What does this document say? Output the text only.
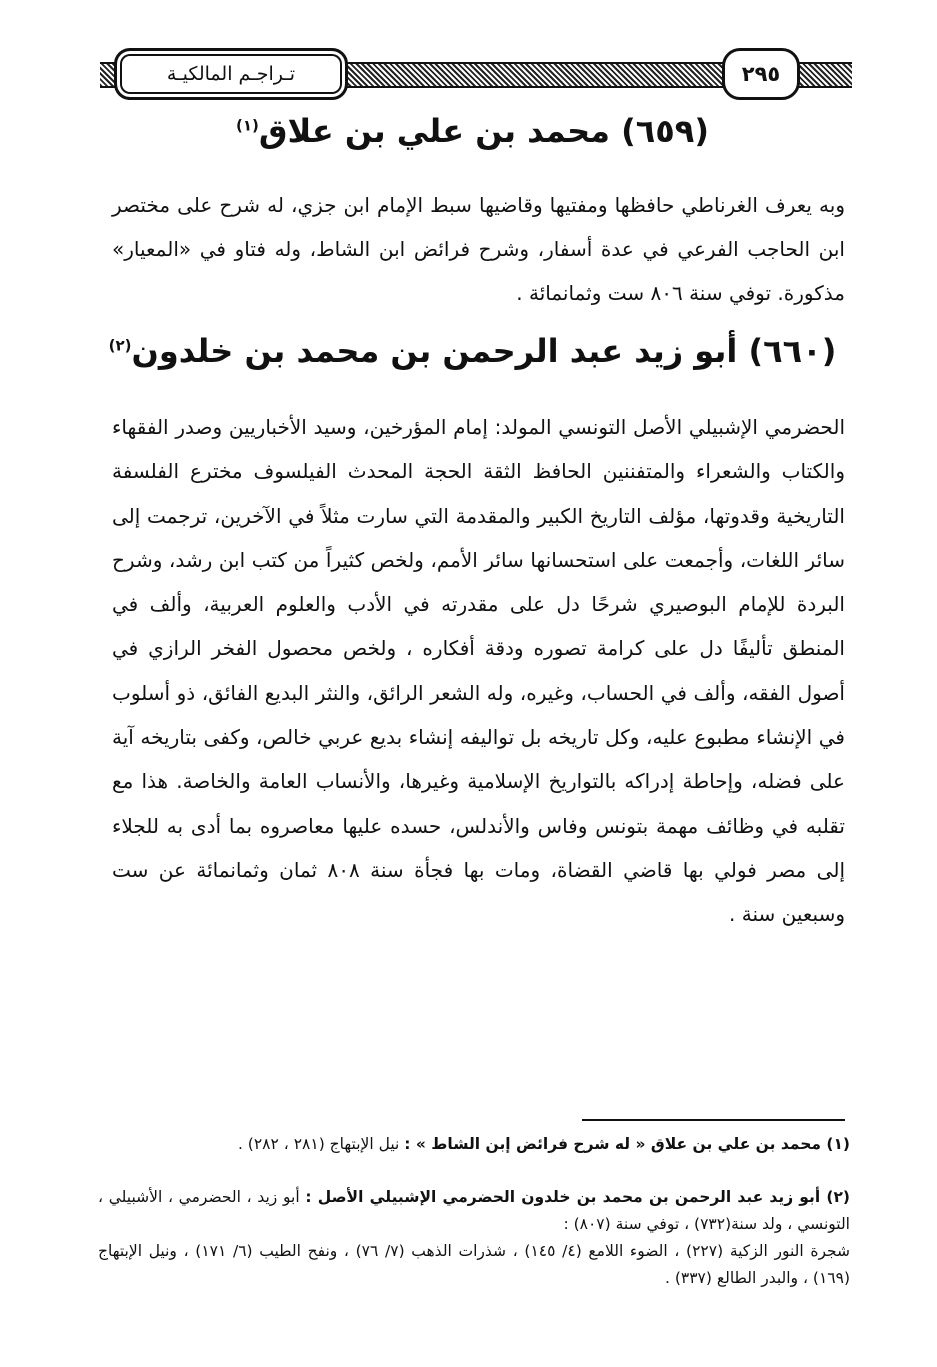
تـراجـم المالكيـة	٢٩٥
(٦٥٩) محمد بن علي بن علاق$^{(١)}$
وبه يعرف الغرناطي حافظها ومفتيها وقاضيها سبط الإمام ابن جزي، له شرح على مختصر ابن الحاجب الفرعي في عدة أسفار، وشرح فرائض ابن الشاط، وله فتاو في «المعيار» مذكورة. توفي سنة ٨٠٦ ست وثمانمائة .
(٦٦٠) أبو زيد عبد الرحمن بن محمد بن خلدون$^{(٢)}$
الحضرمي الإشبيلي الأصل التونسي المولد: إمام المؤرخين، وسيد الأخباريين وصدر الفقهاء والكتاب والشعراء والمتفننين الحافظ الثقة الحجة المحدث الفيلسوف مخترع الفلسفة التاريخية وقدوتها، مؤلف التاريخ الكبير والمقدمة التي سارت مثلاً في الآخرين، ترجمت إلى سائر اللغات، وأجمعت على استحسانها سائر الأمم، ولخص كثيراً من كتب ابن رشد، وشرح البردة للإمام البوصيري شرحًا دل على مقدرته في الأدب والعلوم العربية، وألف في المنطق تأليفًا دل على كرامة تصوره ودقة أفكاره ، ولخص محصول الفخر الرازي في أصول الفقه، وألف في الحساب، وغيره، وله الشعر الرائق، والنثر البديع الفائق، ذو أسلوب في الإنشاء مطبوع عليه، وكل تاريخه بل تواليفه إنشاء بديع عربي خالص، وكفى بتاريخه آية على فضله، وإحاطة إدراكه بالتواريخ الإسلامية وغيرها، والأنساب العامة والخاصة. هذا مع تقلبه في وظائف مهمة بتونس وفاس والأندلس، حسده عليها معاصروه بما أدى به للجلاء إلى مصر فولي بها قاضي القضاة، ومات بها فجأة سنة ٨٠٨ ثمان وثمانمائة عن ست وسبعين سنة .
(١) محمد بن علي بن علاق « له شرح فرائض إبن الشاط » : نيل الإبتهاج (٢٨١ ، ٢٨٢) .
(٢) أبو زيد عبد الرحمن بن محمد بن خلدون الحضرمي الإشبيلي الأصل : أبو زيد ، الحضرمي ، الأشبيلي ، التونسي ، ولد سنة(٧٣٢) ، توفي سنة (٨٠٧) :
شجرة النور الزكية (٢٢٧) ، الضوء اللامع (٤/ ١٤٥) ، شذرات الذهب (٧/ ٧٦) ، ونفح الطيب (٦/ ١٧١) ، ونيل الإبتهاج (١٦٩) ، والبدر الطالع (٣٣٧) .
